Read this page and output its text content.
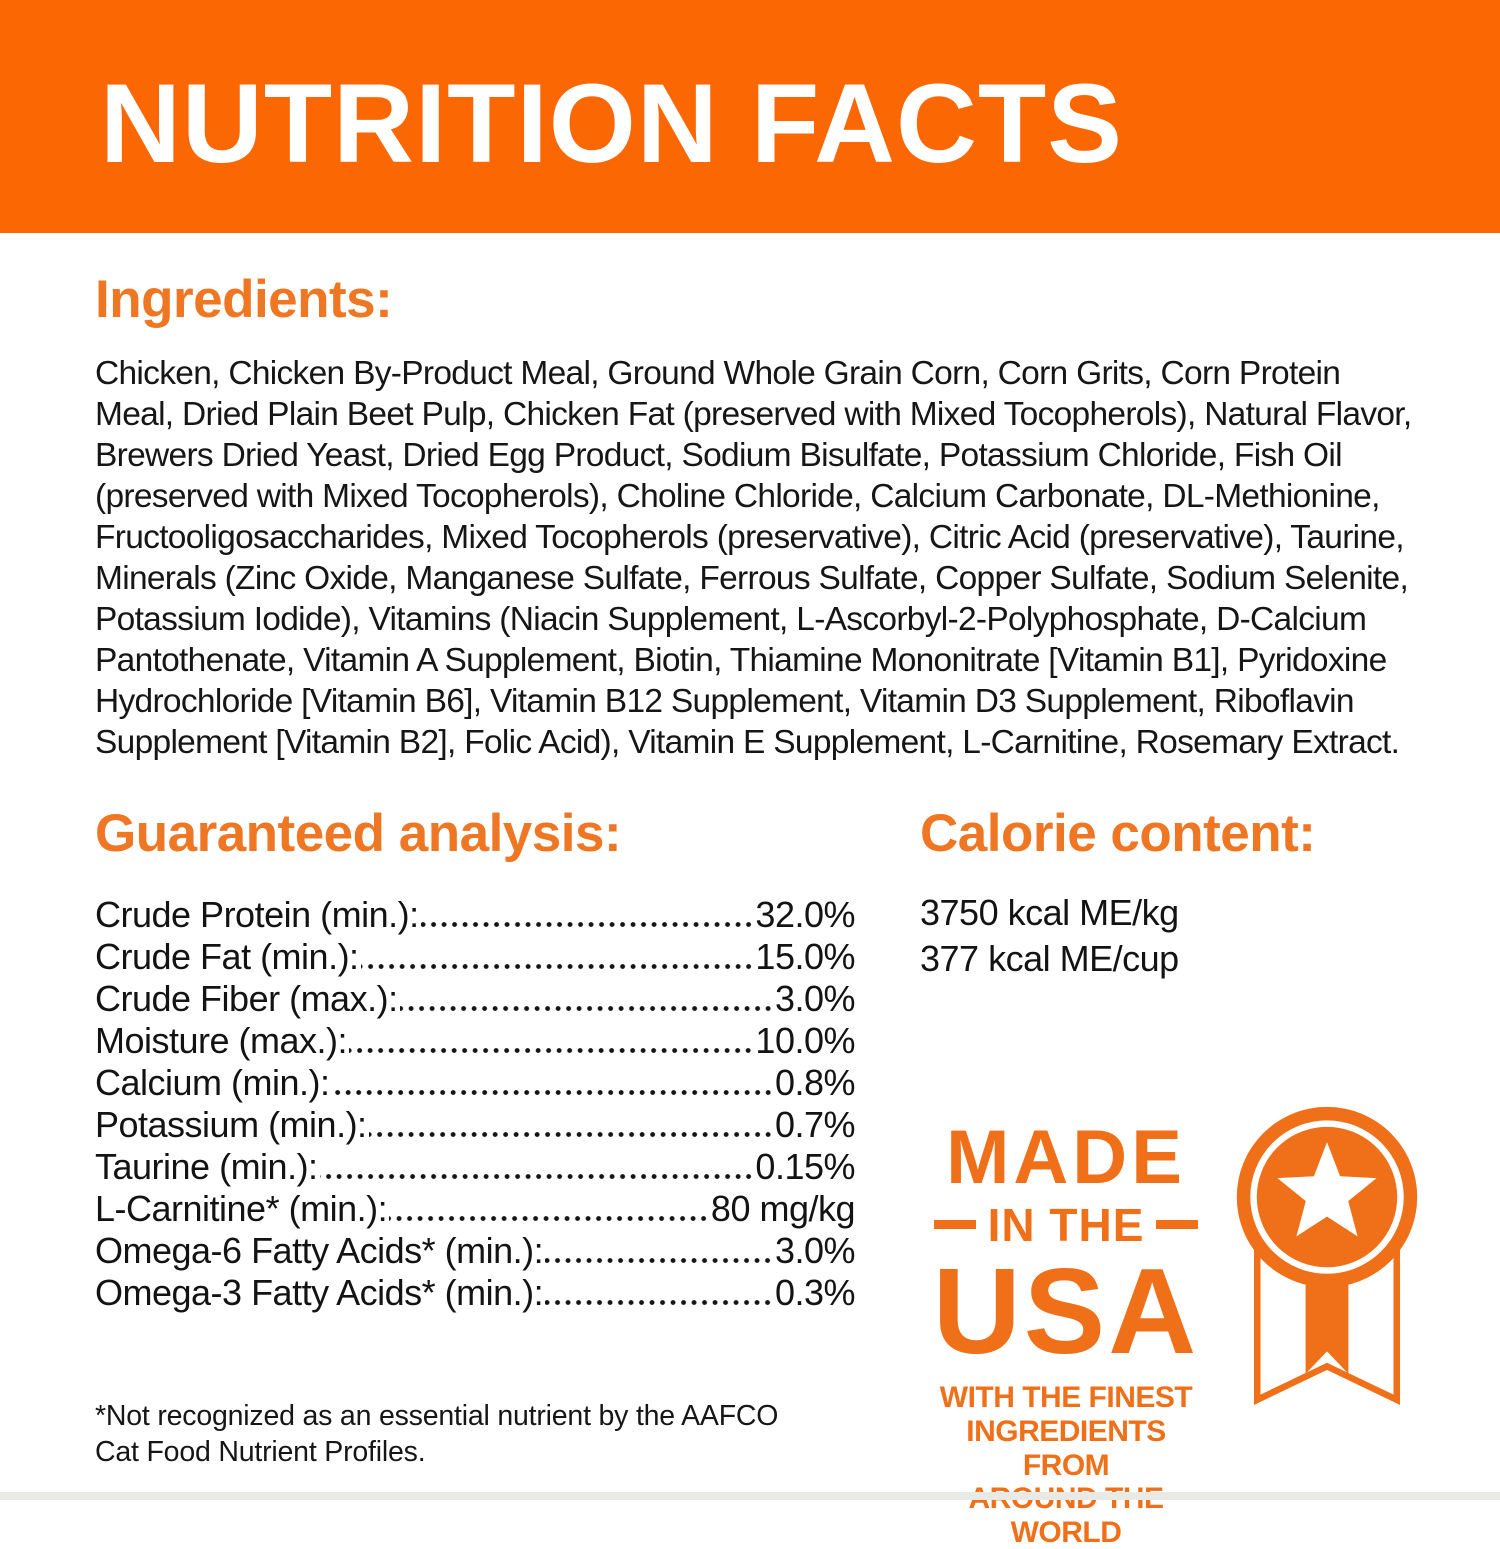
NUTRITION FACTS
Ingredients:

Chicken, Chicken By-Product Meal, Ground Whole Grain Corn, Corn Grits, Corn Protein Meal, Dried Plain Beet Pulp, Chicken Fat (preserved with Mixed Tocopherols), Natural Flavor, Brewers Dried Yeast, Dried Egg Product, Sodium Bisulfate, Potassium Chloride, Fish Oil (preserved with Mixed Tocopherols), Choline Chloride, Calcium Carbonate, DL-Methionine, Fructooligosaccharides, Mixed Tocopherols (preservative), Citric Acid (preservative), Taurine, Minerals (Zinc Oxide, Manganese Sulfate, Ferrous Sulfate, Copper Sulfate, Sodium Selenite, Potassium Iodide), Vitamins (Niacin Supplement, L-Ascorbyl-2-Polyphosphate, D-Calcium Pantothenate, Vitamin A Supplement, Biotin, Thiamine Mononitrate [Vitamin B1], Pyridoxine Hydrochloride [Vitamin B6], Vitamin B12 Supplement, Vitamin D3 Supplement, Riboflavin Supplement [Vitamin B2], Folic Acid), Vitamin E Supplement, L-Carnitine, Rosemary Extract.

Guaranteed analysis:
Crude Protein (min.):	32.0%
Crude Fat (min.):	15.0%
Crude Fiber (max.):	3.0%
Moisture (max.):	10.0%
Calcium (min.):	0.8%
Potassium (min.):	0.7%
Taurine (min.):	0.15%
L-Carnitine* (min.):	80 mg/kg
Omega-6 Fatty Acids* (min.):	3.0%
Omega-3 Fatty Acids* (min.):	0.3%

*Not recognized as an essential nutrient by the AAFCO Cat Food Nutrient Profiles.

Calorie content:

3750 kcal ME/kg

377 kcal ME/cup

MADE
IN THE
USA
WITH THE FINEST
INGREDIENTS FROM
WORLD
